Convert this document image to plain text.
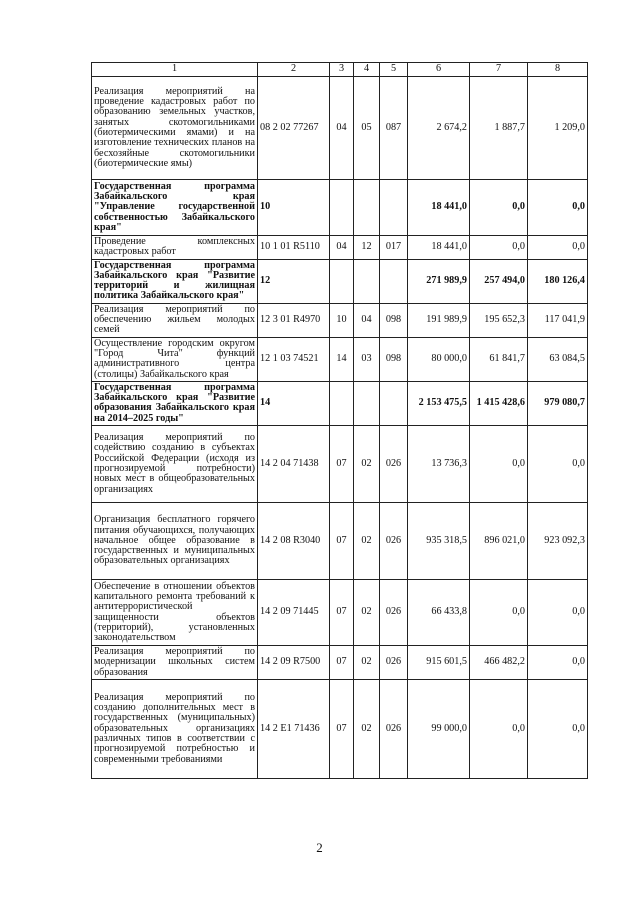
1	2	3	4	5	6	7	8
Реализация мероприятий на проведение кадастровых работ по образованию земельных участков, занятых скотомогильниками (биотермическими ямами) и на изготовление технических планов на бесхозяйные скотомогильники (биотермические ямы)	08 2 02 77267	04	05	087	2 674,2	1 887,7	1 209,0
Государственная программа Забайкальского края "Управление государственной собственностью Забайкальского края"	10				18 441,0	0,0	0,0
Проведение комплексных кадастровых работ	10 1 01 R5110	04	12	017	18 441,0	0,0	0,0
Государственная программа Забайкальского края "Развитие территорий и жилищная политика Забайкальского края"	12				271 989,9	257 494,0	180 126,4
Реализация мероприятий по обеспечению жильем молодых семей	12 3 01 R4970	10	04	098	191 989,9	195 652,3	117 041,9
Осуществление городским округом "Город Чита" функций административного центра (столицы) Забайкальского края	12 1 03 74521	14	03	098	80 000,0	61 841,7	63 084,5
Государственная программа Забайкальского края "Развитие образования Забайкальского края на 2014–2025 годы"	14				2 153 475,5	1 415 428,6	979 080,7
Реализация мероприятий по содействию созданию в субъектах Российской Федерации (исходя из прогнозируемой потребности) новых мест в общеобразовательных организациях	14 2 04 71438	07	02	026	13 736,3	0,0	0,0
Организация бесплатного горячего питания обучающихся, получающих начальное общее образование в государственных и муниципальных образовательных организациях	14 2 08 R3040	07	02	026	935 318,5	896 021,0	923 092,3
Обеспечение в отношении объектов капитального ремонта требований к антитеррористической защищенности объектов (территорий), установленных законодательством	14 2 09 71445	07	02	026	66 433,8	0,0	0,0
Реализация мероприятий по модернизации школьных систем образования	14 2 09 R7500	07	02	026	915 601,5	466 482,2	0,0
Реализация мероприятий по созданию дополнительных мест в государственных (муниципальных) образовательных организациях различных типов в соответствии с прогнозируемой потребностью и современными требованиями	14 2 E1 71436	07	02	026	99 000,0	0,0	0,0
2
